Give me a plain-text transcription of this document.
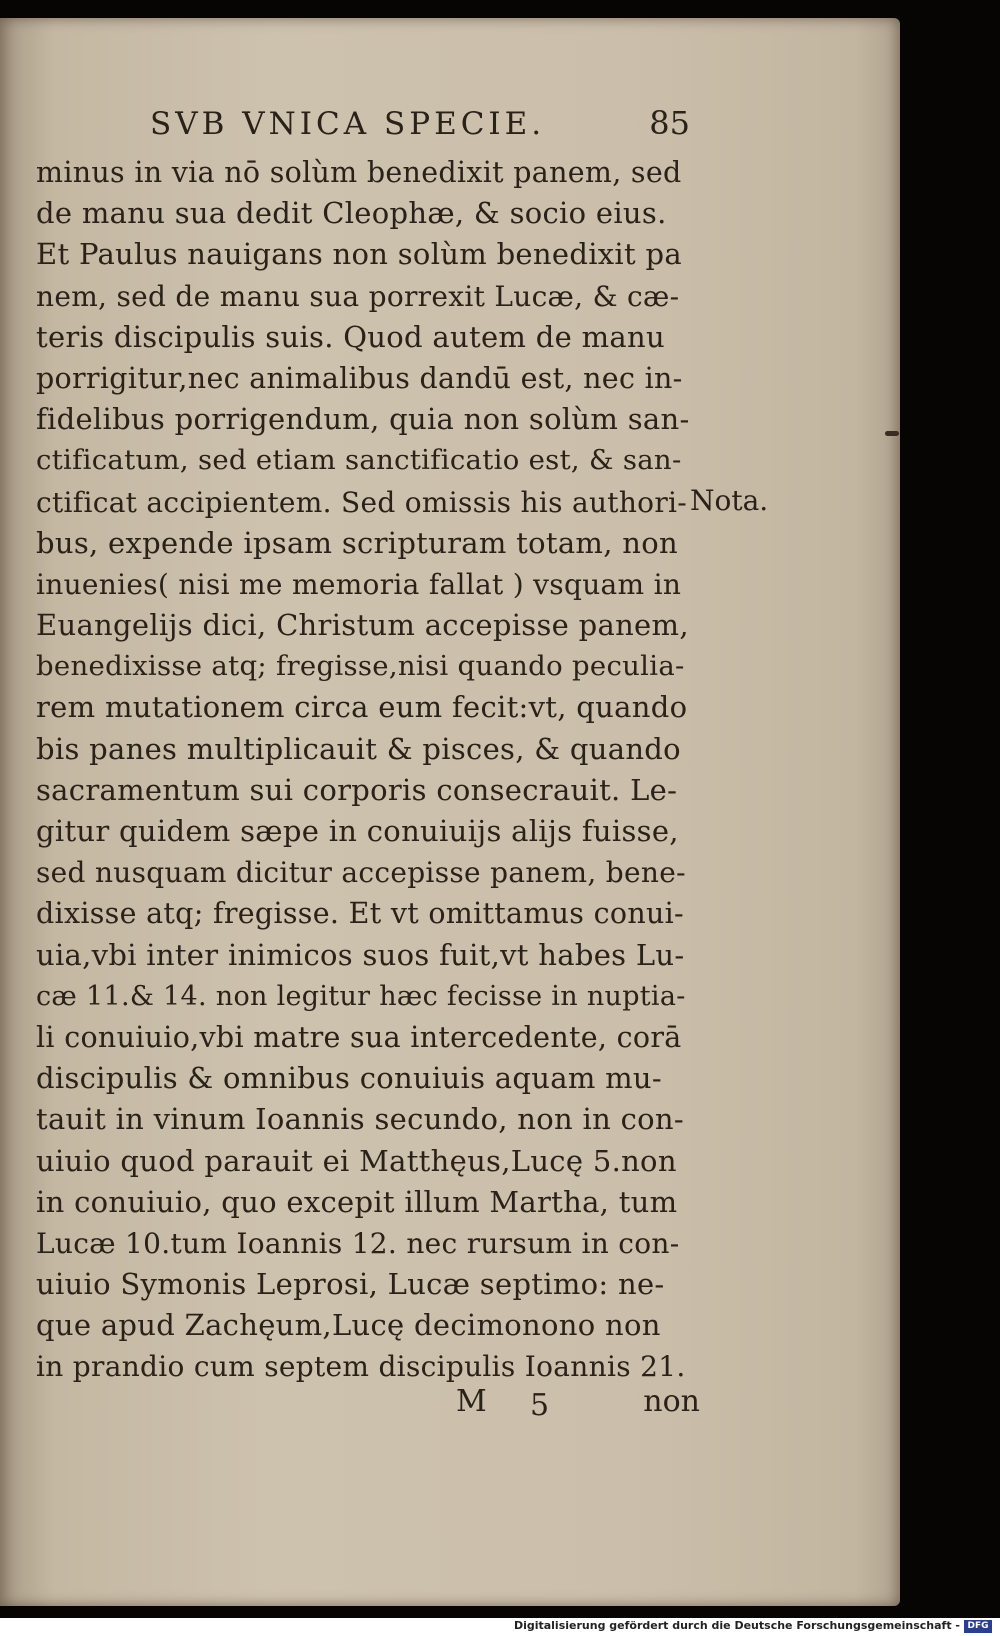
SVB VNICA SPECIE.	85
minus in via nō solùm benedixit panem, sed
de manu sua dedit Cleophæ, & socio eius.
Et Paulus nauigans non solùm benedixit pa
nem, sed de manu sua porrexit Lucæ, & cæ-
teris discipulis suis. Quod autem de manu
porrigitur,nec animalibus dandū est, nec in-
fidelibus porrigendum, quia non solùm san-
ctificatum, sed etiam sanctificatio est, & san-
ctificat accipientem. Sed omissis his authori-
bus, expende ipsam scripturam totam, non
inuenies( nisi me memoria fallat ) vsquam in
Euangelijs dici, Christum accepisse panem,
benedixisse atq; fregisse,nisi quando peculia-
rem mutationem circa eum fecit:vt, quando
bis panes multiplicauit & pisces, & quando
sacramentum sui corporis consecrauit. Le-
gitur quidem sæpe in conuiuijs alijs fuisse,
sed nusquam dicitur accepisse panem, bene-
dixisse atq; fregisse. Et vt omittamus conui-
uia,vbi inter inimicos suos fuit,vt habes Lu-
cæ 11.& 14. non legitur hæc fecisse in nuptia-
li conuiuio,vbi matre sua intercedente, corā
discipulis & omnibus conuiuis aquam mu-
tauit in vinum Ioannis secundo, non in con-
uiuio quod parauit ei Matthęus,Lucę 5.non
in conuiuio, quo excepit illum Martha, tum
Lucæ 10.tum Ioannis 12. nec rursum in con-
uiuio Symonis Leprosi, Lucæ septimo: ne-
que apud Zachęum,Lucę decimonono non
in prandio cum septem discipulis Ioannis 21.
Nota.
M 5	non
Digitalisierung gefördert durch die Deutsche Forschungsgemeinschaft - DFG
